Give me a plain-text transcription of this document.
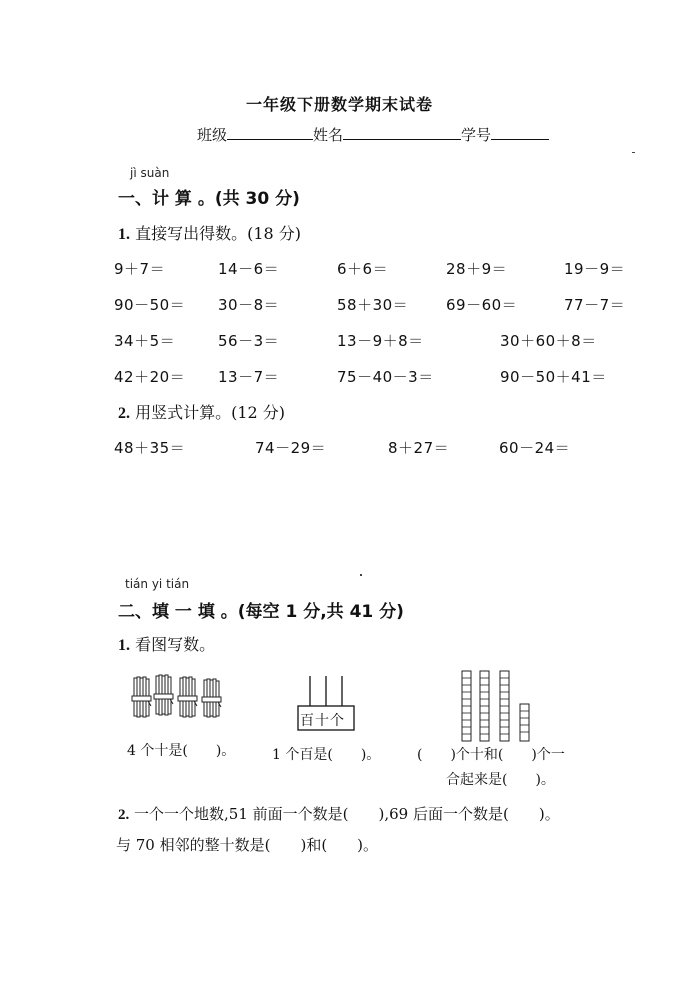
一年级下册数学期末试卷
班级	姓名	学号
jì suàn
一、计 算 。(共 30 分)
1. 直接写出得数。(18 分)
9＋7＝	14－6＝	6＋6＝	28＋9＝	19－9＝
90－50＝ 30－8＝	58＋30＝	69－60＝	77－7＝
34＋5＝	56－3＝	13－9＋8＝	30＋60＋8＝
42＋20＝ 13－7＝	75－40－3＝	90－50＋41＝
2. 用竖式计算。(12 分)
48＋35＝	74－29＝	8＋27＝	60－24＝
tián yi tián
二、填 一 填 。(每空 1 分,共 41 分)
1. 看图写数。
百十个
4 个十是(　　)。	1 个百是(　　)。	(　　)个十和(　　)个一
合起来是(　　)。
2. 一个一个地数,51 前面一个数是(　　),69 后面一个数是(　　)。
与 70 相邻的整十数是(　　)和(　　)。
